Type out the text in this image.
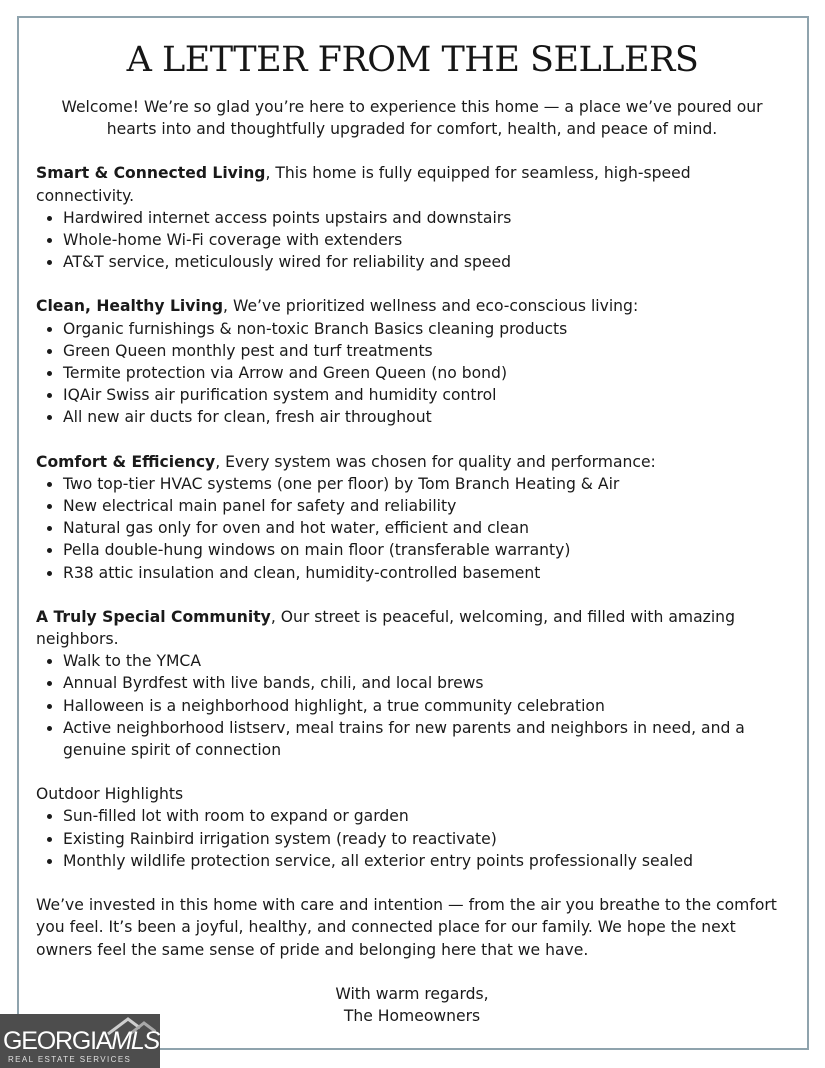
A LETTER FROM THE SELLERS

Welcome! We’re so glad you’re here to experience this home — a place we’ve poured our hearts into and thoughtfully upgraded for comfort, health, and peace of mind.

Smart & Connected Living, This home is fully equipped for seamless, high-speed connectivity.

• Hardwired internet access points upstairs and downstairs
• Whole-home Wi-Fi coverage with extenders
• AT&T service, meticulously wired for reliability and speed

Clean, Healthy Living, We’ve prioritized wellness and eco-conscious living:

• Organic furnishings & non-toxic Branch Basics cleaning products
• Green Queen monthly pest and turf treatments
• Termite protection via Arrow and Green Queen (no bond)
• IQAir Swiss air purification system and humidity control
• All new air ducts for clean, fresh air throughout

Comfort & Efficiency, Every system was chosen for quality and performance:

• Two top-tier HVAC systems (one per floor) by Tom Branch Heating & Air
• New electrical main panel for safety and reliability
• Natural gas only for oven and hot water, efficient and clean
• Pella double-hung windows on main floor (transferable warranty)
• R38 attic insulation and clean, humidity-controlled basement

A Truly Special Community, Our street is peaceful, welcoming, and filled with amazing neighbors.

• Walk to the YMCA
• Annual Byrdfest with live bands, chili, and local brews
• Halloween is a neighborhood highlight, a true community celebration
• Active neighborhood listserv, meal trains for new parents and neighbors in need, and a genuine spirit of connection

Outdoor Highlights

• Sun-filled lot with room to expand or garden
• Existing Rainbird irrigation system (ready to reactivate)
• Monthly wildlife protection service, all exterior entry points professionally sealed

We’ve invested in this home with care and intention — from the air you breathe to the comfort you feel. It’s been a joyful, healthy, and connected place for our family. We hope the next owners feel the same sense of pride and belonging here that we have.

With warm regards,
The Homeowners
GEORGIAMLS
REAL ESTATE SERVICES
